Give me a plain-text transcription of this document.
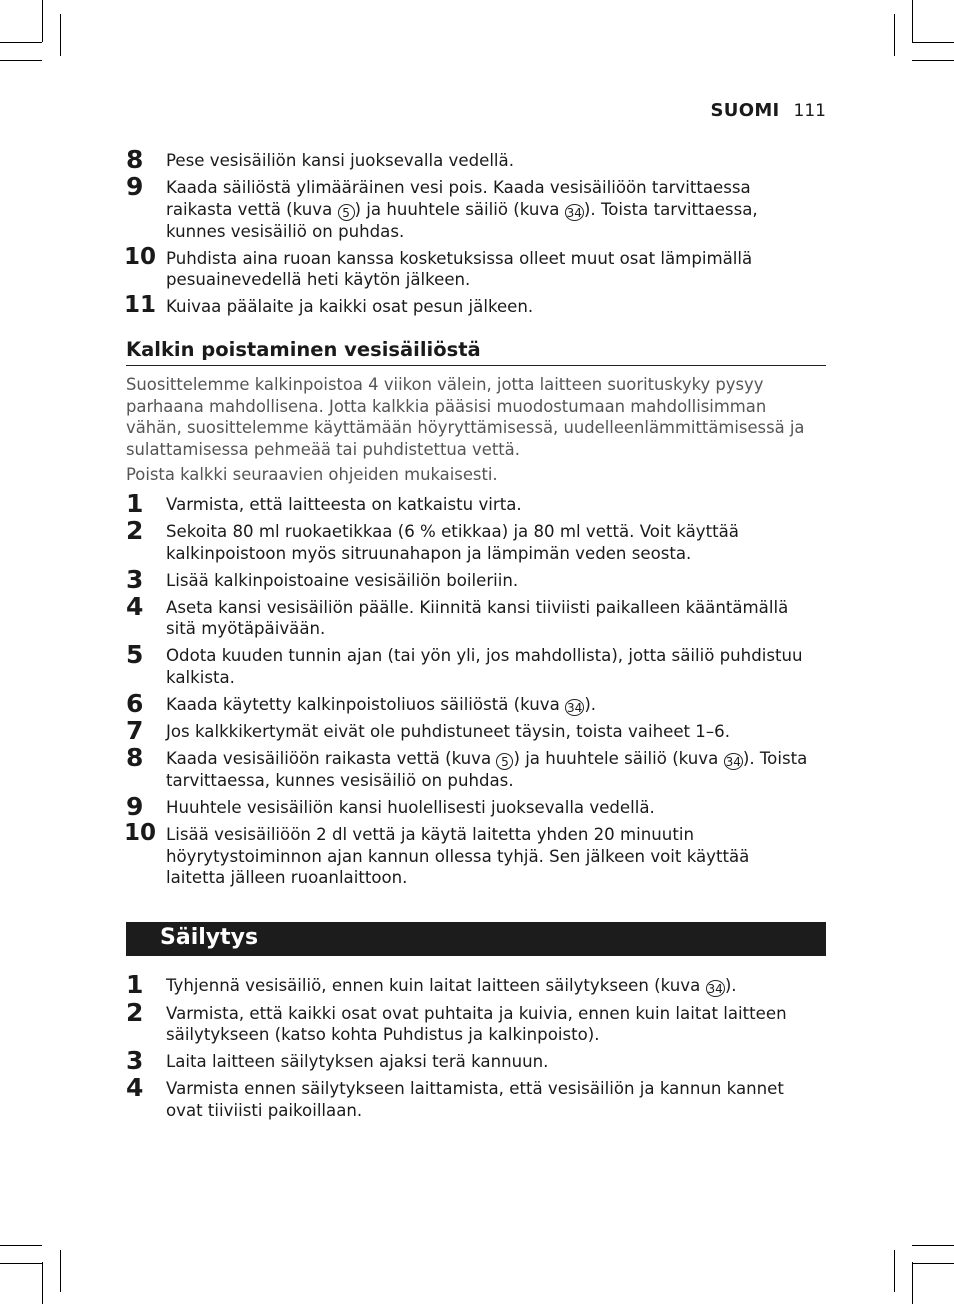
SUOMI 111
8 Pese vesisäiliön kansi juoksevalla vedellä.
9 Kaada säiliöstä ylimääräinen vesi pois. Kaada vesisäiliöön tarvittaessa
raikasta vettä (kuva 5 ) ja huuhtele säiliö (kuva 34 ). Toista tarvittaessa,
kunnes vesisäiliö on puhdas.
10 Puhdista aina ruoan kanssa kosketuksissa olleet muut osat lämpimällä
pesuainevedellä heti käytön jälkeen.
11 Kuivaa päälaite ja kaikki osat pesun jälkeen.
Kalkin poistaminen vesisäiliöstä
Suosittelemme kalkinpoistoa 4 viikon välein, jotta laitteen suorituskyky pysyy
parhaana mahdollisena. Jotta kalkkia pääsisi muodostumaan mahdollisimman
vähän, suosittelemme käyttämään höyryttämisessä, uudelleenlämmittämisessä ja
sulattamisessa pehmeää tai puhdistettua vettä.
Poista kalkki seuraavien ohjeiden mukaisesti.
1 Varmista, että laitteesta on katkaistu virta.
2 Sekoita 80 ml ruokaetikkaa (6 % etikkaa) ja 80 ml vettä. Voit käyttää
kalkinpoistoon myös sitruunahapon ja lämpimän veden seosta.
3 Lisää kalkinpoistoaine vesisäiliön boileriin.
4 Aseta kansi vesisäiliön päälle. Kiinnitä kansi tiiviisti paikalleen kääntämällä
sitä myötäpäivään.
5 Odota kuuden tunnin ajan (tai yön yli, jos mahdollista), jotta säiliö puhdistuu
kalkista.
6 Kaada käytetty kalkinpoistoliuos säiliöstä (kuva 34 ).
7 Jos kalkkikertymät eivät ole puhdistuneet täysin, toista vaiheet 1–6.
8 Kaada vesisäiliöön raikasta vettä (kuva 5 ) ja huuhtele säiliö (kuva 34 ). Toista
tarvittaessa, kunnes vesisäiliö on puhdas.
9 Huuhtele vesisäiliön kansi huolellisesti juoksevalla vedellä.
10 Lisää vesisäiliöön 2 dl vettä ja käytä laitetta yhden 20 minuutin
höyrytystoiminnon ajan kannun ollessa tyhjä. Sen jälkeen voit käyttää
laitetta jälleen ruoanlaittoon.
Säilytys
1 Tyhjennä vesisäiliö, ennen kuin laitat laitteen säilytykseen (kuva 34 ).
2 Varmista, että kaikki osat ovat puhtaita ja kuivia, ennen kuin laitat laitteen
säilytykseen (katso kohta Puhdistus ja kalkinpoisto).
3 Laita laitteen säilytyksen ajaksi terä kannuun.
4 Varmista ennen säilytykseen laittamista, että vesisäiliön ja kannun kannet
ovat tiiviisti paikoillaan.
